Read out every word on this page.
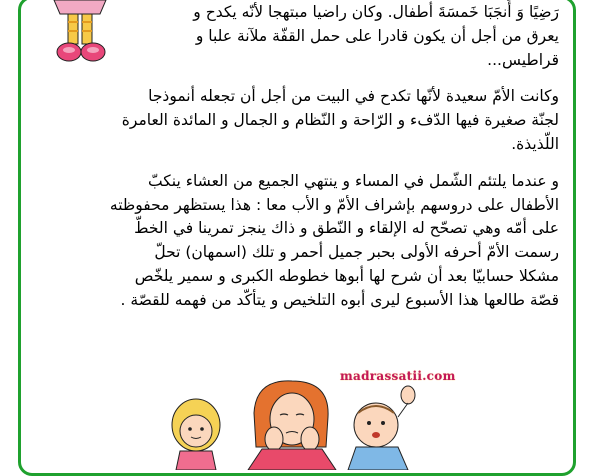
رَضِيًا وَ أَنجَبَا خَمسَةَ أطفال. وكان راضيا مبتهجا لأنّه يكدح و
يعرق من أجل أن يكون قادرا على حمل القفّة ملآنة علبا و
قراطيس...

وكانت الأمّ سعيدة لأنّها تكدح في البيت من أجل أن تجعله أنموذجا
لجنّة صغيرة فيها الدّفء و الرّاحة و النّظام و الجمال و المائدة العامرة
اللّذيذة.

و عندما يلتئم الشّمل في المساء و ينتهي الجميع من العشاء ينكبّ
الأطفال على دروسهم بإشراف الأمّ و الأب معا : هذا يستظهر محفوظته
على أمّه وهي تصحّح له الإلقاء و النّطق و ذاك ينجز تمرينا في الخطّ
رسمت الأمّ أحرفه الأولى بحبر جميل أحمر و تلك (اسمهان) تحلّ
مشكلا حسابيّا بعد أن شرح لها أبوها خطوطه الكبرى و سمير يلخّص
قصّة طالعها هذا الأسبوع ليرى أبوه التلخيص و يتأكّد من فهمه للقصّة .

madrassatii.com
